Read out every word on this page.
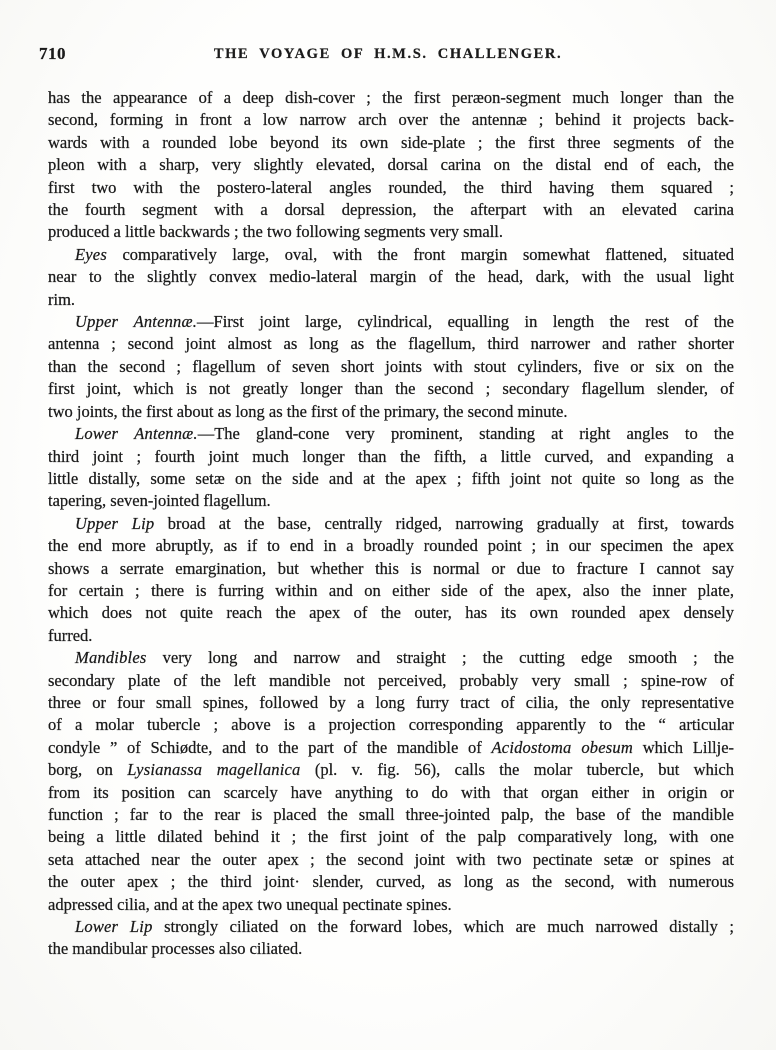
710	THE VOYAGE OF H.M.S. CHALLENGER.
has the appearance of a deep dish-cover ; the first peræon-segment much longer than the
second, forming in front a low narrow arch over the antennæ ; behind it projects back-
wards with a rounded lobe beyond its own side-plate ; the first three segments of the
pleon with a sharp, very slightly elevated, dorsal carina on the distal end of each, the
first two with the postero-lateral angles rounded, the third having them squared ;
the fourth segment with a dorsal depression, the afterpart with an elevated carina
produced a little backwards ; the two following segments very small.
Eyes comparatively large, oval, with the front margin somewhat flattened, situated
near to the slightly convex medio-lateral margin of the head, dark, with the usual light
rim.
Upper Antennæ.—First joint large, cylindrical, equalling in length the rest of the
antenna ; second joint almost as long as the flagellum, third narrower and rather shorter
than the second ; flagellum of seven short joints with stout cylinders, five or six on the
first joint, which is not greatly longer than the second ; secondary flagellum slender, of
two joints, the first about as long as the first of the primary, the second minute.
Lower Antennæ.—The gland-cone very prominent, standing at right angles to the
third joint ; fourth joint much longer than the fifth, a little curved, and expanding a
little distally, some setæ on the side and at the apex ; fifth joint not quite so long as the
tapering, seven-jointed flagellum.
Upper Lip broad at the base, centrally ridged, narrowing gradually at first, towards
the end more abruptly, as if to end in a broadly rounded point ; in our specimen the apex
shows a serrate emargination, but whether this is normal or due to fracture I cannot say
for certain ; there is furring within and on either side of the apex, also the inner plate,
which does not quite reach the apex of the outer, has its own rounded apex densely
furred.
Mandibles very long and narrow and straight ; the cutting edge smooth ; the
secondary plate of the left mandible not perceived, probably very small ; spine-row of
three or four small spines, followed by a long furry tract of cilia, the only representative
of a molar tubercle ; above is a projection corresponding apparently to the “ articular
condyle ” of Schiødte, and to the part of the mandible of Acidostoma obesum which Lillje-
borg, on Lysianassa magellanica (pl. v. fig. 56), calls the molar tubercle, but which
from its position can scarcely have anything to do with that organ either in origin or
function ; far to the rear is placed the small three-jointed palp, the base of the mandible
being a little dilated behind it ; the first joint of the palp comparatively long, with one
seta attached near the outer apex ; the second joint with two pectinate setæ or spines at
the outer apex ; the third joint· slender, curved, as long as the second, with numerous
adpressed cilia, and at the apex two unequal pectinate spines.
Lower Lip strongly ciliated on the forward lobes, which are much narrowed distally ;
the mandibular processes also ciliated.
